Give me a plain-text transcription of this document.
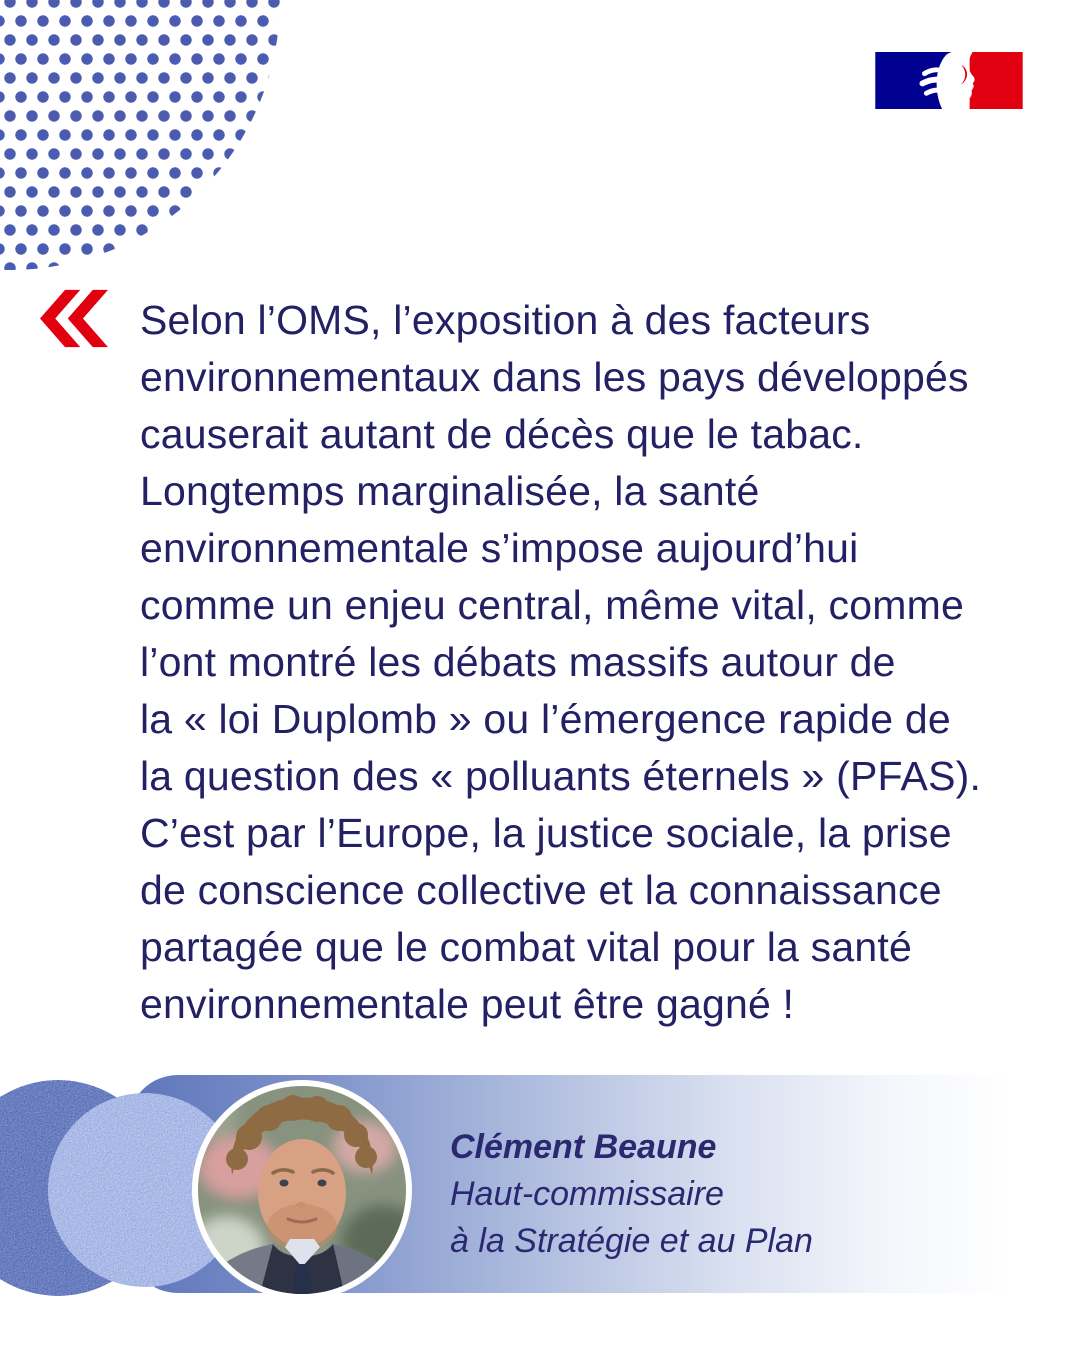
Selon l’OMS, l’exposition à des facteurs
environnementaux dans les pays développés
causerait autant de décès que le tabac.
Longtemps marginalisée, la santé
environnementale s’impose aujourd’hui
comme un enjeu central, même vital, comme
l’ont montré les débats massifs autour de
la « loi Duplomb » ou l’émergence rapide de
la question des « polluants éternels » (PFAS).
C’est par l’Europe, la justice sociale, la prise
de conscience collective et la connaissance
partagée que le combat vital pour la santé
environnementale peut être gagné !
Clément Beaune
Haut-commissaire
à la Stratégie et au Plan
